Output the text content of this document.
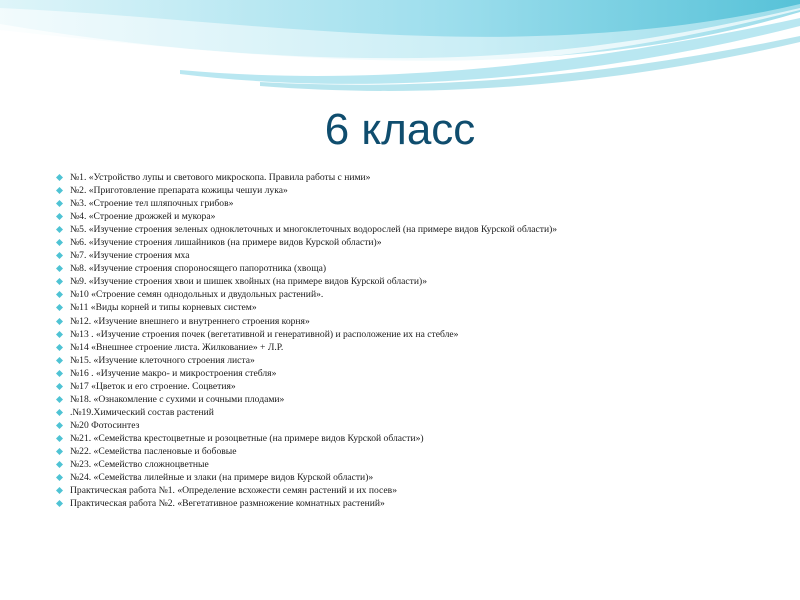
6 класс
№1. «Устройство лупы и светового микроскопа. Правила работы с ними»
№2. «Приготовление препарата кожицы чешуи лука»
№3. «Строение тел шляпочных грибов»
№4. «Строение дрожжей и мукора»
№5. «Изучение строения зеленых одноклеточных и многоклеточных водорослей (на примере видов Курской области)»
№6. «Изучение строения лишайников (на примере видов Курской области)»
№7. «Изучение строения мха
№8. «Изучение строения спороносящего папоротника (хвоща)
№9. «Изучение строения хвои и шишек хвойных (на примере видов Курской области)»
№10 «Строение семян однодольных и двудольных растений».
№11 «Виды корней и типы корневых систем»
№12. «Изучение внешнего и внутреннего строения корня»
№13 . «Изучение строения почек (вегетативной и генеративной) и расположение их на стебле»
№14 «Внешнее строение листа. Жилкование» + Л.Р.
№15. «Изучение клеточного строения листа»
№16 . «Изучение макро- и микростроения стебля»
№17 «Цветок и его строение. Соцветия»
№18. «Ознакомление с сухими и сочными плодами»
.№19.Химический состав растений
№20 Фотосинтез
№21. «Семейства крестоцветные и розоцветные (на примере видов Курской области»)
№22. «Семейства пасленовые и бобовые
№23. «Семейство сложноцветные
№24. «Семейства лилейные и злаки (на примере видов Курской области)»
Практическая работа №1. «Определение всхожести семян растений и их посев»
Практическая работа №2. «Вегетативное размножение комнатных растений»
